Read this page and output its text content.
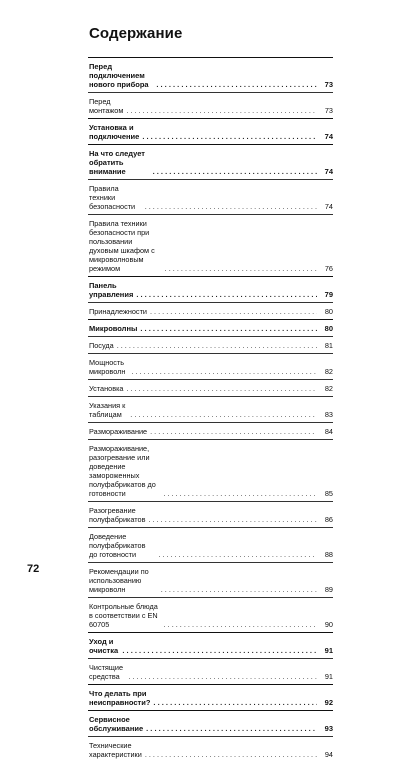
Содержание
Перед подключением нового прибора . . .	73
Перед монтажом . . .	73
Установка и подключение . . .	74
На что следует обратить внимание . . .	74
Правила техники безопасности . . .	74
Правила техники безопасности при пользовании
духовым шкафом с микроволновым режимом . . .	76
Панель управления . . .	79
Принадлежности . . .	80
Микроволны . . .	80
Посуда . . .	81
Мощность микроволн . . .	82
Установка . . .	82
Указания к таблицам . . .	83
Размораживание . . .	84
Размораживание, разогревание или доведение
замороженных полуфабрикатов до готовности . . .	85
Разогревание полуфабрикатов . . .	86
Доведение полуфабрикатов до готовности . . .	88
Рекомендации по использованию микроволн . . .	89
Контрольные блюда в соответствии с EN 60705 . . .	90
Уход и очистка . . .	91
Чистящие средства . . .	91
Что делать при неисправности? . . .	92
Сервисное обслуживание . . .	93
Технические характеристики . . .	94
72
